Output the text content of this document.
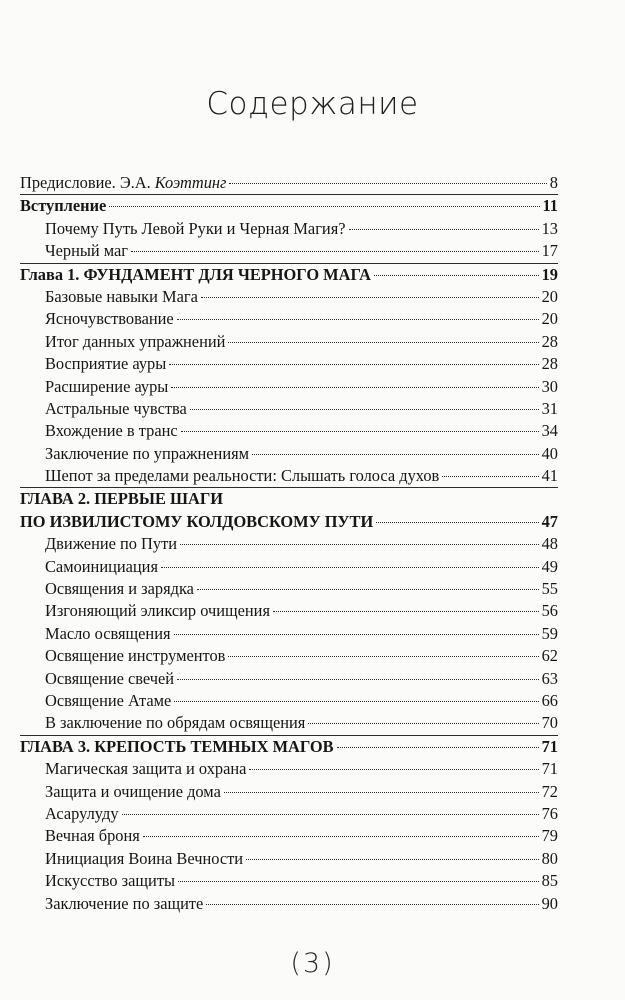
Содержание
Предисловие. Э.А. Коэттинг	8
Вступление	11
Почему Путь Левой Руки и Черная Магия?	13
Черный маг	17
Глава 1. ФУНДАМЕНТ ДЛЯ ЧЕРНОГО МАГА	19
Базовые навыки Мага	20
Ясночувствование	20
Итог данных упражнений	28
Восприятие ауры	28
Расширение ауры	30
Астральные чувства	31
Вхождение в транс	34
Заключение по упражнениям	40
Шепот за пределами реальности: Слышать голоса духов	41
ГЛАВА 2. ПЕРВЫЕ ШАГИ
ПО ИЗВИЛИСТОМУ КОЛДОВСКОМУ ПУТИ	47
Движение по Пути	48
Самоинициация	49
Освящения и зарядка	55
Изгоняющий эликсир очищения	56
Масло освящения	59
Освящение инструментов	62
Освящение свечей	63
Освящение Атаме	66
В заключение по обрядам освящения	70
ГЛАВА 3. КРЕПОСТЬ ТЕМНЫХ МАГОВ	71
Магическая защита и охрана	71
Защита и очищение дома	72
Асарулуду	76
Вечная броня	79
Инициация Воина Вечности	80
Искусство защиты	85
Заключение по защите	90
(3)
